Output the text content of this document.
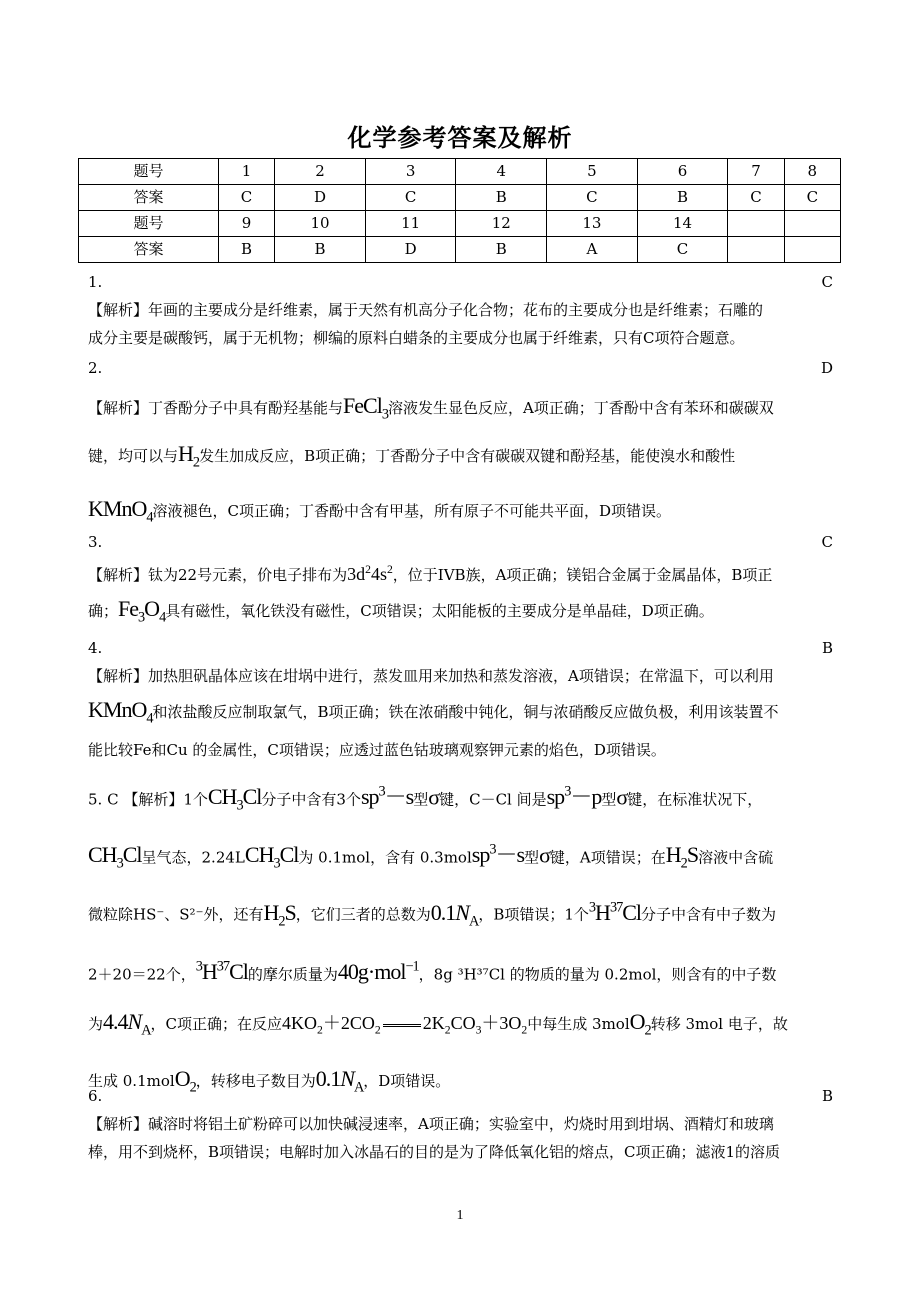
化学参考答案及解析
题号	1	2	3	4	5	6	7	8
答案	C	D	C	B	C	B	C	C
题号	9	10	11	12	13	14		
答案	B	B	D	B	A	C		
1.	C
【解析】年画的主要成分是纤维素，属于天然有机高分子化合物；花布的主要成分也是纤维素；石雕的
成分主要是碳酸钙，属于无机物；柳编的原料白蜡条的主要成分也属于纤维素，只有C项符合题意。
2.	D
【解析】丁香酚分子中具有酚羟基能与FeCl$_3$溶液发生显色反应，A项正确；丁香酚中含有苯环和碳碳双
键，均可以与$H_2$发生加成反应，B项正确；丁香酚分子中含有碳碳双键和酚羟基，能使溴水和酸性
KMnO$_4$溶液褪色，C项正确；丁香酚中含有甲基，所有原子不可能共平面，D项错误。
3.	C
【解析】钛为22号元素，价电子排布为$3d^24s^2$，位于IVB族，A项正确；镁铝合金属于金属晶体，B项正
确；$Fe_3O_4$具有磁性，氧化铁没有磁性，C项错误；太阳能板的主要成分是单晶硅，D项正确。
4.	B
【解析】加热胆矾晶体应该在坩埚中进行，蒸发皿用来加热和蒸发溶液，A项错误；在常温下，可以利用
KMnO$_4$和浓盐酸反应制取氯气，B项正确；铁在浓硝酸中钝化，铜与浓硝酸反应做负极，利用该装置不
能比较Fe和Cu 的金属性，C项错误；应透过蓝色钴玻璃观察钾元素的焰色，D项错误。
5. C 【解析】1个$CH_3Cl$分子中含有3个$sp^3-s$型σ键，C－Cl 间是$sp^3-p$型σ键，在标准状况下，
$CH_3Cl$呈气态，$2.24LCH_3Cl$为 0.1mol，含有 0.3molsp$^3$－s型σ键，A项错误；在$H_2S$溶液中含硫
微粒除HS⁻、S²⁻外，还有$H_2S$，它们三者的总数为$0.1N_A$，B项错误；1个$^3H^{37}Cl$分子中含有中子数为
2＋20＝22个，$^3H^{37}Cl$的摩尔质量为40g·mol$^{-1}$，8g ³H³⁷Cl 的物质的量为 0.2mol，则含有的中子数
为$4.4N_A$，C项正确；在反应$4KO_2+2CO_2$ $2K_2CO_3+3O_2$中每生成 3molO$_2$转移 3mol 电子，故
生成 0.1molO$_2$，转移电子数目为$0.1N_A$，D项错误。
6.	B
【解析】碱溶时将铝土矿粉碎可以加快碱浸速率，A项正确；实验室中，灼烧时用到坩埚、酒精灯和玻璃
棒，用不到烧杯，B项错误；电解时加入冰晶石的目的是为了降低氧化铝的熔点，C项正确；滤液1的溶质
1
